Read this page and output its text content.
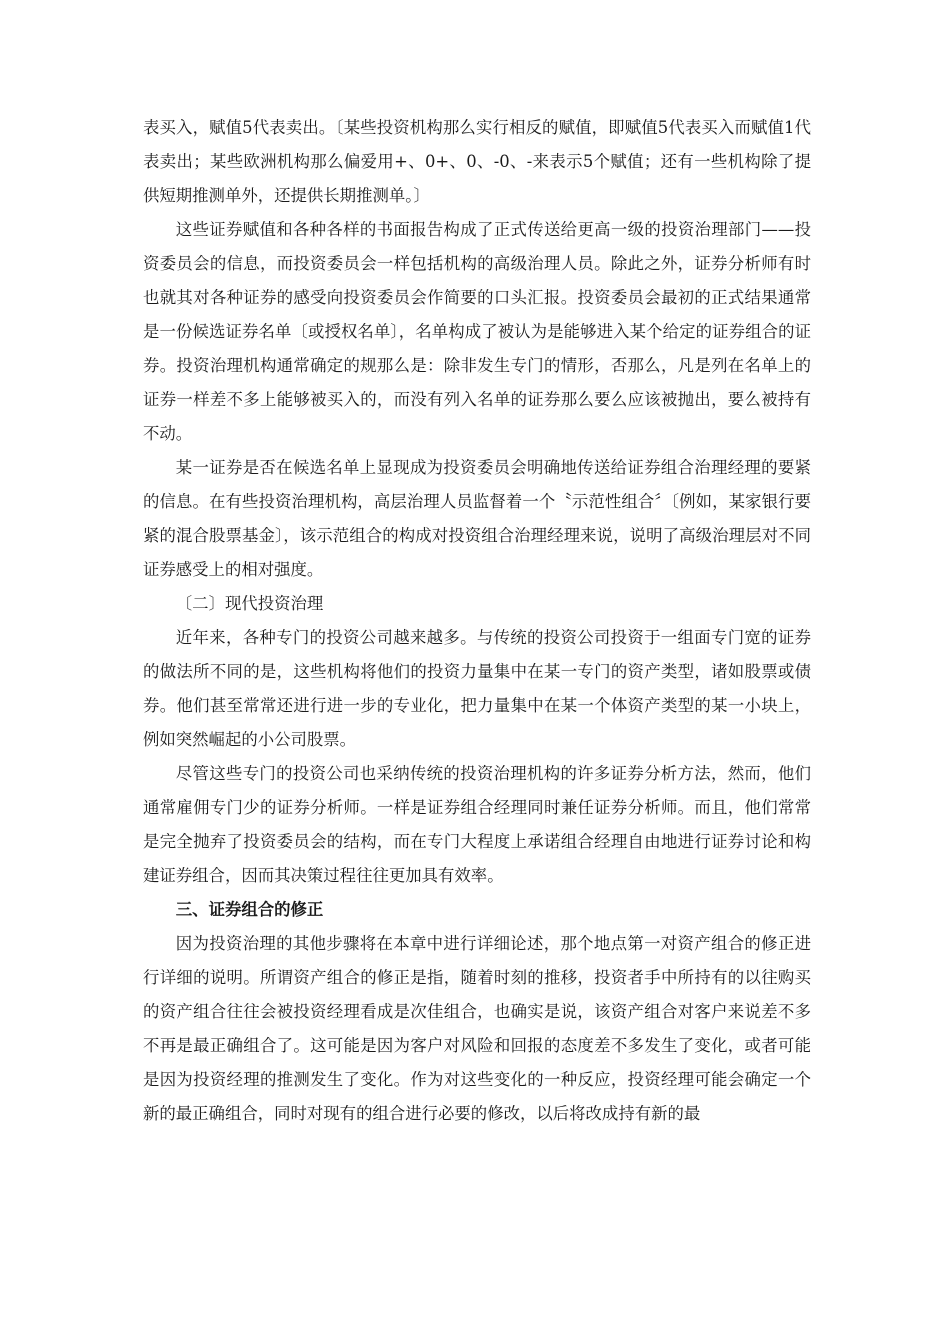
表买入，赋值5代表卖出。〔某些投资机构那么实行相反的赋值，即赋值5代表买入而赋值1代表卖出；某些欧洲机构那么偏爱用+、0+、0、-0、-来表示5个赋值；还有一些机构除了提供短期推测单外，还提供长期推测单。〕

这些证券赋值和各种各样的书面报告构成了正式传送给更高一级的投资治理部门——投资委员会的信息，而投资委员会一样包括机构的高级治理人员。除此之外，证券分析师有时也就其对各种证券的感受向投资委员会作简要的口头汇报。投资委员会最初的正式结果通常是一份候选证券名单〔或授权名单〕，名单构成了被认为是能够进入某个给定的证券组合的证券。投资治理机构通常确定的规那么是：除非发生专门的情形，否那么，凡是列在名单上的证券一样差不多上能够被买入的，而没有列入名单的证券那么要么应该被抛出，要么被持有不动。

某一证券是否在候选名单上显现成为投资委员会明确地传送给证券组合治理经理的要紧的信息。在有些投资治理机构，高层治理人员监督着一个〝示范性组合〞〔例如，某家银行要紧的混合股票基金〕，该示范组合的构成对投资组合治理经理来说，说明了高级治理层对不同证券感受上的相对强度。

〔二〕现代投资治理

近年来，各种专门的投资公司越来越多。与传统的投资公司投资于一组面专门宽的证券的做法所不同的是，这些机构将他们的投资力量集中在某一专门的资产类型，诸如股票或债券。他们甚至常常还进行进一步的专业化，把力量集中在某一个体资产类型的某一小块上，例如突然崛起的小公司股票。

尽管这些专门的投资公司也采纳传统的投资治理机构的许多证券分析方法，然而，他们通常雇佣专门少的证券分析师。一样是证券组合经理同时兼任证券分析师。而且，他们常常是完全抛弃了投资委员会的结构，而在专门大程度上承诺组合经理自由地进行证券讨论和构建证券组合，因而其决策过程往往更加具有效率。

三、证券组合的修正

因为投资治理的其他步骤将在本章中进行详细论述，那个地点第一对资产组合的修正进行详细的说明。所谓资产组合的修正是指，随着时刻的推移，投资者手中所持有的以往购买的资产组合往往会被投资经理看成是次佳组合，也确实是说，该资产组合对客户来说差不多不再是最正确组合了。这可能是因为客户对风险和回报的态度差不多发生了变化，或者可能是因为投资经理的推测发生了变化。作为对这些变化的一种反应，投资经理可能会确定一个新的最正确组合，同时对现有的组合进行必要的修改，以后将改成持有新的最
